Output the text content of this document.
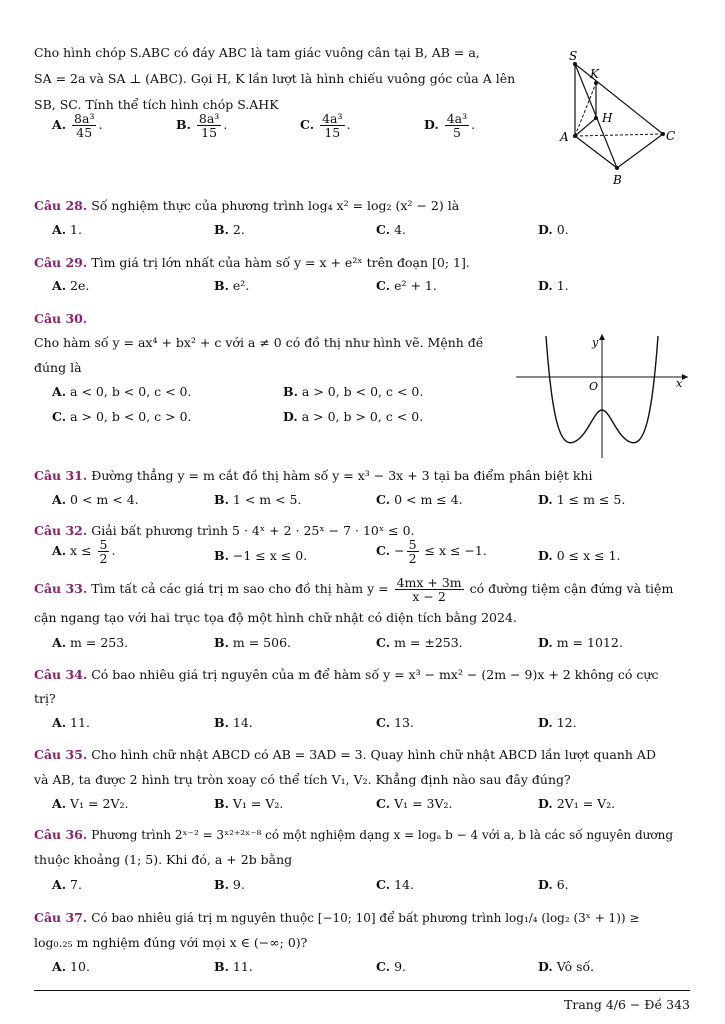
Cho hình chóp S.ABC có đáy ABC là tam giác vuông cân tại B, AB = a,
SA = 2a và SA ⊥ (ABC). Gọi H, K lần lượt là hình chiếu vuông góc của A lên
SB, SC. Tính thể tích hình chóp S.AHK
A. $\frac{\text{8a³}}{45}$ .	B. $\frac{\text{8a³}}{15}$ .	C. $\frac{\text{4a³}}{15}$ .	D. $\frac{\text{4a³}}{5}$ .
S
K
H
A	C
B
Câu 28. Số nghiệm thực của phương trình log₄ x² = log₂ (x² − 2) là
A. 1.	B. 2.	C. 4.	D. 0.
Câu 29. Tìm giá trị lớn nhất của hàm số y = x + e²ˣ trên đoạn [0; 1].
A. 2e.	B. e².	C. e² + 1.	D. 1.
Câu 30.
Cho hàm số y = ax⁴ + bx² + c với a ≠ 0 có đồ thị như hình vẽ. Mệnh đề
đúng là
A. a < 0, b < 0, c < 0.	B. a > 0, b < 0, c < 0.
C. a > 0, b < 0, c > 0.	D. a > 0, b > 0, c < 0.
y
x
O
Câu 31. Đường thẳng y = m cắt đồ thị hàm số y = x³ − 3x + 3 tại ba điểm phân biệt khi
A. 0 < m < 4.	B. 1 < m < 5.	C. 0 < m ≤ 4.	D. 1 ≤ m ≤ 5.
Câu 32. Giải bất phương trình 5 · 4ˣ + 2 · 25ˣ − 7 · 10ˣ ≤ 0.
A. $x \le \frac{5}{2}$ .	B. −1 ≤ x ≤ 0.	C. − $\frac{5}{2} \le x \le -1$.	D. 0 ≤ x ≤ 1.
Câu 33. Tìm tất cả các giá trị m sao cho đồ thị hàm $y = \frac{4mx + 3m}{x - 2}$ có đường tiệm cận đứng và tiệm
cận ngang tạo với hai trục tọa độ một hình chữ nhật có diện tích bằng 2024.
A. m = 253.	B. m = 506.	C. m = ±253.	D. m = 1012.
Câu 34. Có bao nhiêu giá trị nguyên của m để hàm số y = x³ − mx² − (2m − 9)x + 2 không có cực
trị?
A. 11.	B. 14.	C. 13.	D. 12.
Câu 35. Cho hình chữ nhật ABCD có AB = 3AD = 3. Quay hình chữ nhật ABCD lần lượt quanh AD
và AB, ta được 2 hình trụ tròn xoay có thể tích V₁, V₂. Khẳng định nào sau đây đúng?
A. V₁ = 2V₂.	B. V₁ = V₂.	C. V₁ = 3V₂.	D. 2V₁ = V₂.
Câu 36. Phương trình 2ˣ⁻² = 3ˣ²⁺²ˣ⁻⁸ có một nghiệm dạng x = logₐ b − 4 với a, b là các số nguyên dương
thuộc khoảng (1; 5). Khi đó, a + 2b bằng
A. 7.	B. 9.	C. 14.	D. 6.
Câu 37. Có bao nhiêu giá trị m nguyên thuộc [−10; 10] để bất phương trình log₁/₄ (log₂ (3ˣ + 1)) ≥
log₀.₂₅ m nghiệm đúng với mọi x ∈ (−∞; 0)?
A. 10.	B. 11.	C. 9.	D. Vô số.
Trang 4/6 − Đề 343
